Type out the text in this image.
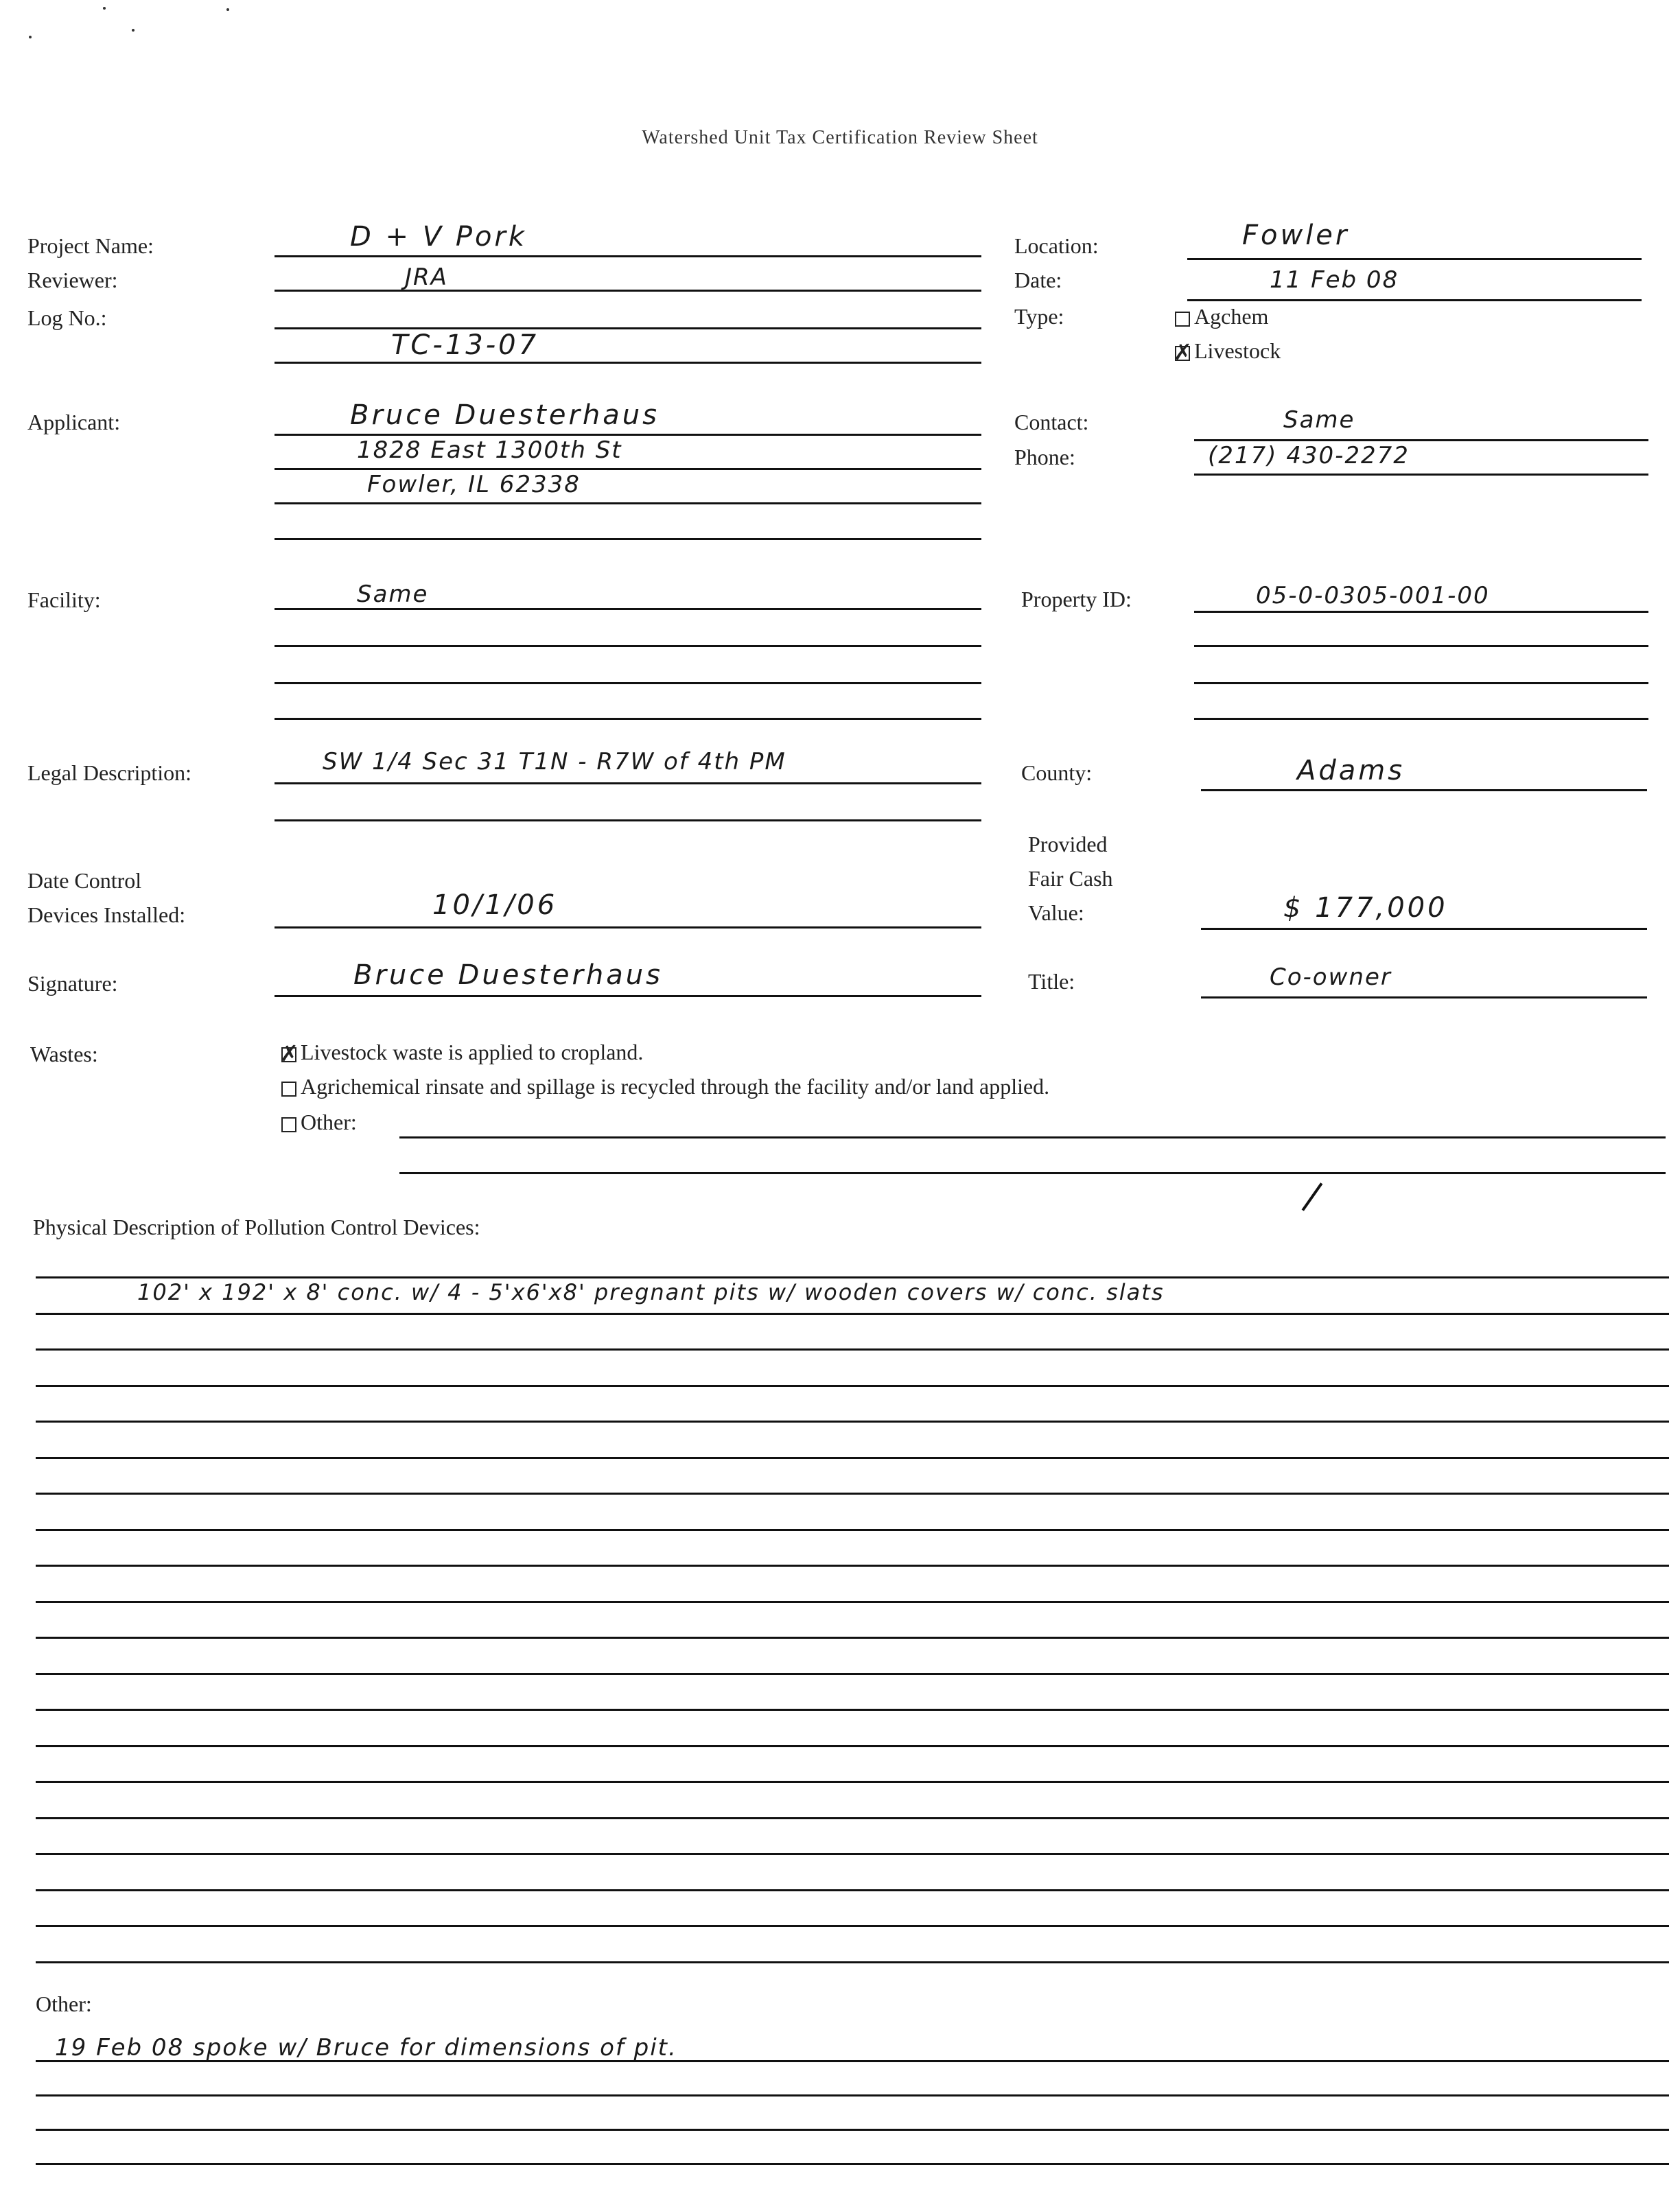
Watershed Unit Tax Certification Review Sheet
Project Name:
Reviewer:
Log No.:
Applicant:
Facility:
Legal Description:
Date Control
Devices Installed:
Signature:
Wastes:
D + V Pork
JRA
TC-13-07
Bruce Duesterhaus
1828 East 1300th St
Fowler, IL 62338
Same
SW 1/4 Sec 31 T1N - R7W of 4th PM
10/1/06
Bruce Duesterhaus
Location:
Date:
Type:
Contact:
Phone:
Property ID:
County:
Provided
Fair Cash
Value:
Title:
Agchem
✗Livestock
Fowler
11 Feb 08
Same
(217) 430-2272
05-0-0305-001-00
Adams
$ 177,000
Co-owner
✗Livestock waste is applied to cropland.
Agrichemical rinsate and spillage is recycled through the facility and/or land applied.
Other:
Physical Description of Pollution Control Devices:
102' x 192' x 8' conc. w/ 4 - 5'x6'x8' pregnant pits w/ wooden covers w/ conc. slats
Other:
19 Feb 08 spoke w/ Bruce for dimensions of pit.
